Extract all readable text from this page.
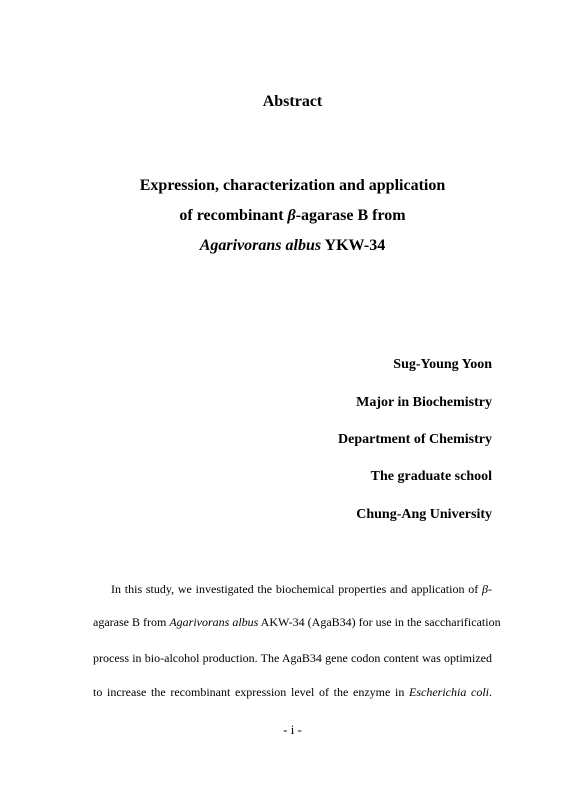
Abstract
Expression, characterization and application
of recombinant β-agarase B from
Agarivorans albus YKW-34
Sug-Young Yoon
Major in Biochemistry
Department of Chemistry
The graduate school
Chung-Ang University
In this study, we investigated the biochemical properties and application of β-
agarase B from Agarivorans albus AKW-34 (AgaB34) for use in the saccharification
process in bio-alcohol production. The AgaB34 gene codon content was optimized
to increase the recombinant expression level of the enzyme in Escherichia coli.
- i -
